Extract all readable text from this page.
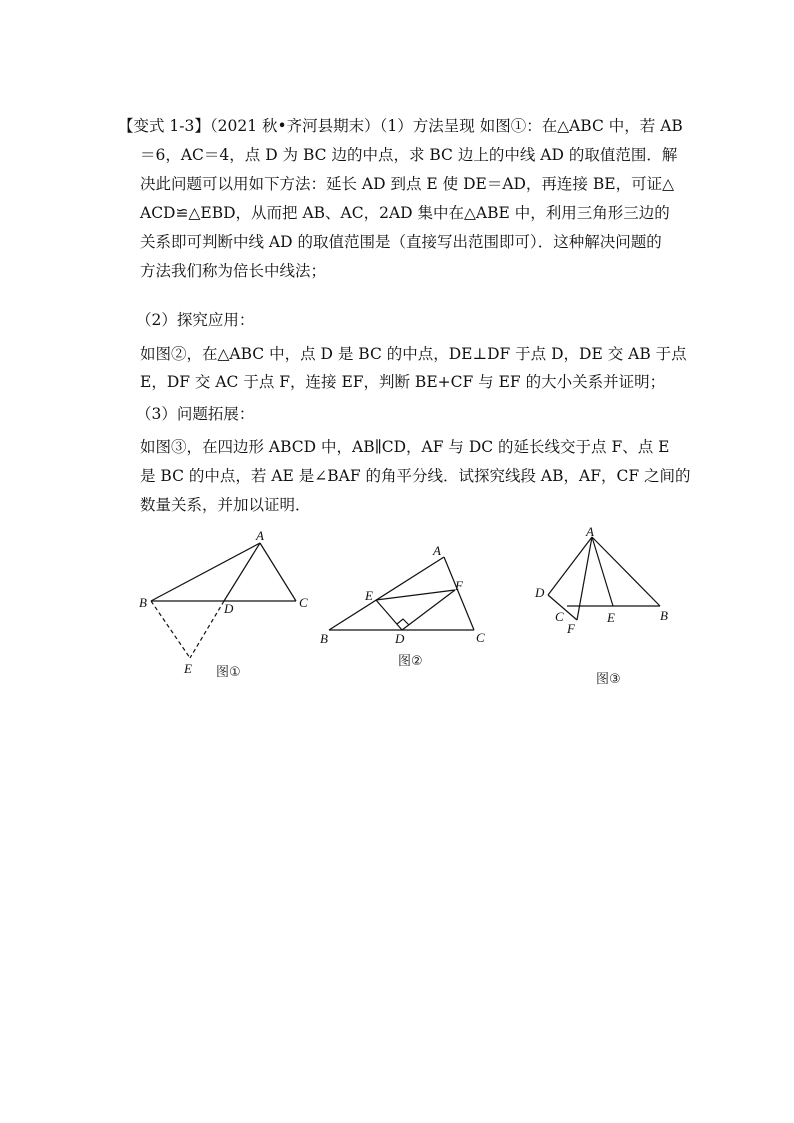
【变式 1-3】（2021 秋•齐河县期末）（1）方法呈现 如图①：在△ABC 中，若 AB
＝6，AC＝4，点 D 为 BC 边的中点，求 BC 边上的中线 AD 的取值范围．解
决此问题可以用如下方法：延长 AD 到点 E 使 DE＝AD，再连接 BE，可证△
ACD≌△EBD，从而把 AB、AC，2AD 集中在△ABE 中，利用三角形三边的
关系即可判断中线 AD 的取值范围是（直接写出范围即可）．这种解决问题的
方法我们称为倍长中线法；
（2）探究应用：
如图②，在△ABC 中，点 D 是 BC 的中点，DE⊥DF 于点 D，DE 交 AB 于点
E，DF 交 AC 于点 F，连接 EF，判断 BE+CF 与 EF 的大小关系并证明；
（3）问题拓展：
如图③，在四边形 ABCD 中，AB∥CD，AF 与 DC 的延长线交于点 F、点 E
是 BC 的中点，若 AE 是∠BAF 的角平分线．试探究线段 AB，AF，CF 之间的
数量关系，并加以证明．
A
B	C
D
E 图①
A
E
F
B	D	C
图②
A
D
C
F
E	B
图③
